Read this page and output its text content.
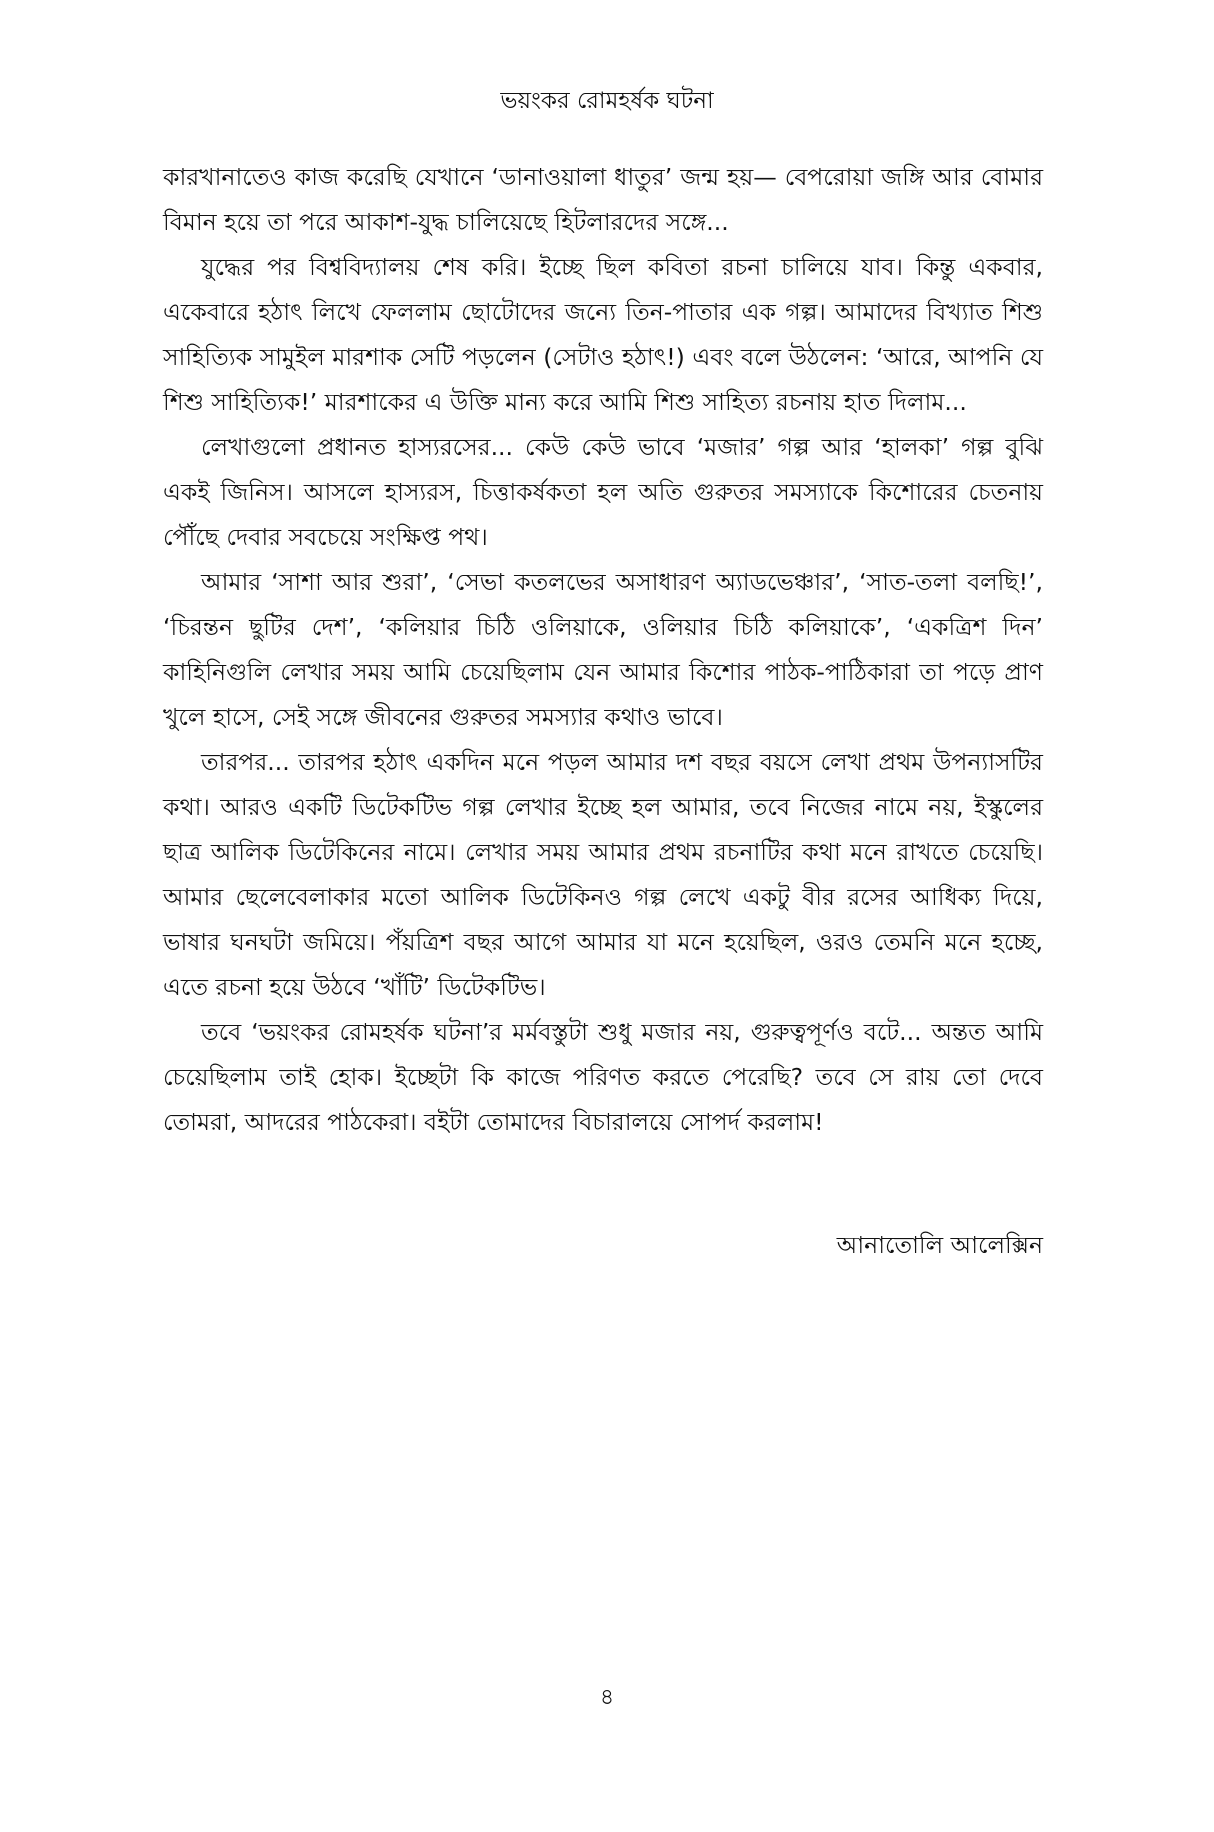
ভয়ংকর রোমহর্ষক ঘটনা

কারখানাতেও কাজ করেছি যেখানে ‘ডানাওয়ালা ধাতুর’ জন্ম হয়— বেপরোয়া জঙ্গি আর বোমার বিমান হয়ে তা পরে আকাশ-যুদ্ধ চালিয়েছে হিটলারদের সঙ্গে...

যুদ্ধের পর বিশ্ববিদ্যালয় শেষ করি। ইচ্ছে ছিল কবিতা রচনা চালিয়ে যাব। কিন্তু একবার, একেবারে হঠাৎ লিখে ফেললাম ছোটোদের জন্যে তিন-পাতার এক গল্প। আমাদের বিখ্যাত শিশু সাহিত্যিক সামুইল মারশাক সেটি পড়লেন (সেটাও হঠাৎ!) এবং বলে উঠলেন: ‘আরে, আপনি যে শিশু সাহিত্যিক!’ মারশাকের এ উক্তি মান্য করে আমি শিশু সাহিত্য রচনায় হাত দিলাম...

লেখাগুলো প্রধানত হাস্যরসের... কেউ কেউ ভাবে ‘মজার’ গল্প আর ‘হালকা’ গল্প বুঝি একই জিনিস। আসলে হাস্যরস, চিত্তাকর্ষকতা হল অতি গুরুতর সমস্যাকে কিশোরের চেতনায় পৌঁছে দেবার সবচেয়ে সংক্ষিপ্ত পথ।

আমার ‘সাশা আর শুরা’, ‘সেভা কতলভের অসাধারণ অ্যাডভেঞ্চার’, ‘সাত-তলা বলছি!’, ‘চিরন্তন ছুটির দেশ’, ‘কলিয়ার চিঠি ওলিয়াকে, ওলিয়ার চিঠি কলিয়াকে’, ‘একত্রিশ দিন’ কাহিনিগুলি লেখার সময় আমি চেয়েছিলাম যেন আমার কিশোর পাঠক-পাঠিকারা তা পড়ে প্রাণ খুলে হাসে, সেই সঙ্গে জীবনের গুরুতর সমস্যার কথাও ভাবে।

তারপর... তারপর হঠাৎ একদিন মনে পড়ল আমার দশ বছর বয়সে লেখা প্রথম উপন্যাসটির কথা। আরও একটি ডিটেকটিভ গল্প লেখার ইচ্ছে হল আমার, তবে নিজের নামে নয়, ইস্কুলের ছাত্র আলিক ডিটেকিনের নামে। লেখার সময় আমার প্রথম রচনাটির কথা মনে রাখতে চেয়েছি। আমার ছেলেবেলাকার মতো আলিক ডিটেকিনও গল্প লেখে একটু বীর রসের আধিক্য দিয়ে, ভাষার ঘনঘটা জমিয়ে। পঁয়ত্রিশ বছর আগে আমার যা মনে হয়েছিল, ওরও তেমনি মনে হচ্ছে, এতে রচনা হয়ে উঠবে ‘খাঁটি’ ডিটেকটিভ।

তবে ‘ভয়ংকর রোমহর্ষক ঘটনা’র মর্মবস্তুটা শুধু মজার নয়, গুরুত্বপূর্ণও বটে... অন্তত আমি চেয়েছিলাম তাই হোক। ইচ্ছেটা কি কাজে পরিণত করতে পেরেছি? তবে সে রায় তো দেবে তোমরা, আদরের পাঠকেরা। বইটা তোমাদের বিচারালয়ে সোপর্দ করলাম!

আনাতোলি আলেক্সিন
৪
